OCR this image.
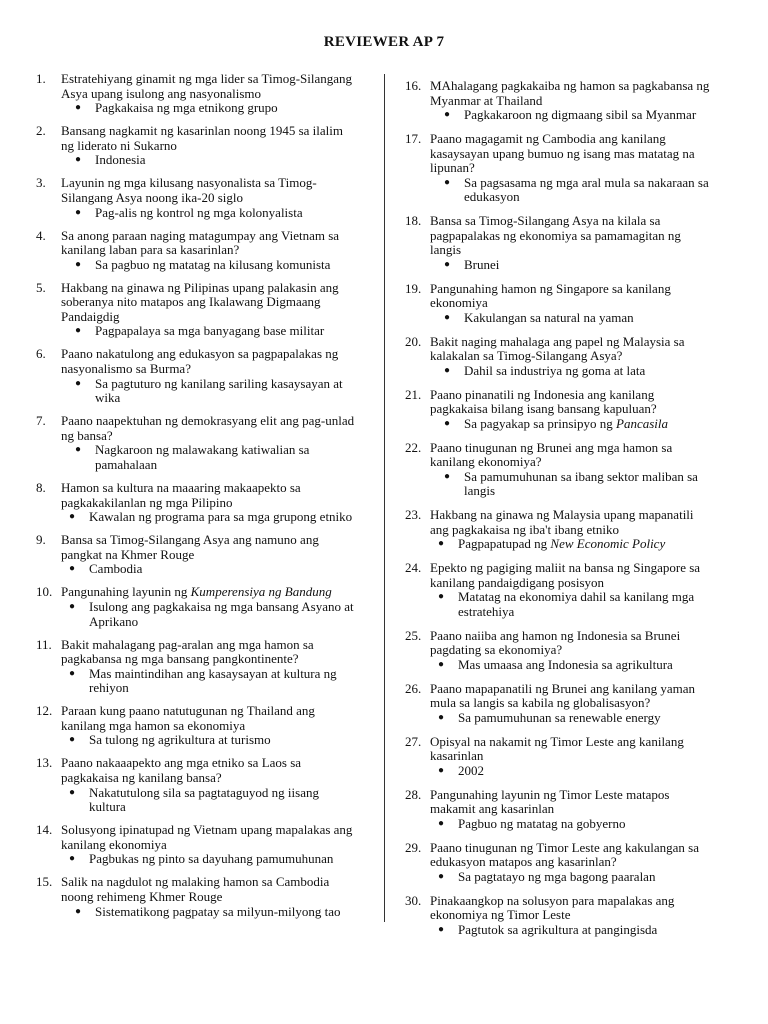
REVIEWER AP 7
1. Estratehiyang ginamit ng mga lider sa Timog-Silangang Asya upang isulong ang nasyonalismo
● Pagkakaisa ng mga etnikong grupo
2. Bansang nagkamit ng kasarinlan noong 1945 sa ilalim ng liderato ni Sukarno
● Indonesia
3. Layunin ng mga kilusang nasyonalista sa Timog-Silangang Asya noong ika-20 siglo
● Pag-alis ng kontrol ng mga kolonyalista
4. Sa anong paraan naging matagumpay ang Vietnam sa kanilang laban para sa kasarinlan?
● Sa pagbuo ng matatag na kilusang komunista
5. Hakbang na ginawa ng Pilipinas upang palakasin ang soberanya nito matapos ang Ikalawang Digmaang Pandaigdig
● Pagpapalaya sa mga banyagang base militar
6. Paano nakatulong ang edukasyon sa pagpapalakas ng nasyonalismo sa Burma?
● Sa pagtuturo ng kanilang sariling kasaysayan at wika
7. Paano naapektuhan ng demokrasyang elit ang pag-unlad ng bansa?
● Nagkaroon ng malawakang katiwalian sa pamahalaan
8. Hamon sa kultura na maaaring makaapekto sa pagkakakilanlan ng mga Pilipino
● Kawalan ng programa para sa mga grupong etniko
9. Bansa sa Timog-Silangang Asya ang namuno ang pangkat na Khmer Rouge
● Cambodia
10. Pangunahing layunin ng Kumperensiya ng Bandung
● Isulong ang pagkakaisa ng mga bansang Asyano at Aprikano
11. Bakit mahalagang pag-aralan ang mga hamon sa pagkabansa ng mga bansang pangkontinente?
● Mas maintindihan ang kasaysayan at kultura ng rehiyon
12. Paraan kung paano natutugunan ng Thailand ang kanilang mga hamon sa ekonomiya
● Sa tulong ng agrikultura at turismo
13. Paano nakaaapekto ang mga etniko sa Laos sa pagkakaisa ng kanilang bansa?
● Nakatutulong sila sa pagtataguyod ng iisang kultura
14. Solusyong ipinatupad ng Vietnam upang mapalakas ang kanilang ekonomiya
● Pagbukas ng pinto sa dayuhang pamumuhunan
15. Salik na nagdulot ng malaking hamon sa Cambodia noong rehimeng Khmer Rouge
● Sistematikong pagpatay sa milyun-milyong tao
16. MAhalagang pagkakaiba ng hamon sa pagkabansa ng Myanmar at Thailand
● Pagkakaroon ng digmaang sibil sa Myanmar
17. Paano magagamit ng Cambodia ang kanilang kasaysayan upang bumuo ng isang mas matatag na lipunan?
● Sa pagsasama ng mga aral mula sa nakaraan sa edukasyon
18. Bansa sa Timog-Silangang Asya na kilala sa pagpapalakas ng ekonomiya sa pamamagitan ng langis
● Brunei
19. Pangunahing hamon ng Singapore sa kanilang ekonomiya
● Kakulangan sa natural na yaman
20. Bakit naging mahalaga ang papel ng Malaysia sa kalakalan sa Timog-Silangang Asya?
● Dahil sa industriya ng goma at lata
21. Paano pinanatili ng Indonesia ang kanilang pagkakaisa bilang isang bansang kapuluan?
● Sa pagyakap sa prinsipyo ng Pancasila
22. Paano tinugunan ng Brunei ang mga hamon sa kanilang ekonomiya?
● Sa pamumuhunan sa ibang sektor maliban sa langis
23. Hakbang na ginawa ng Malaysia upang mapanatili ang pagkakaisa ng iba't ibang etniko
● Pagpapatupad ng New Economic Policy
24. Epekto ng pagiging maliit na bansa ng Singapore sa kanilang pandaigdigang posisyon
● Matatag na ekonomiya dahil sa kanilang mga estratehiya
25. Paano naiiba ang hamon ng Indonesia sa Brunei pagdating sa ekonomiya?
● Mas umaasa ang Indonesia sa agrikultura
26. Paano mapapanatili ng Brunei ang kanilang yaman mula sa langis sa kabila ng globalisasyon?
● Sa pamumuhunan sa renewable energy
27. Opisyal na nakamit ng Timor Leste ang kanilang kasarinlan
● 2002
28. Pangunahing layunin ng Timor Leste matapos makamit ang kasarinlan
● Pagbuo ng matatag na gobyerno
29. Paano tinugunan ng Timor Leste ang kakulangan sa edukasyon matapos ang kasarinlan?
● Sa pagtatayo ng mga bagong paaralan
30. Pinakaangkop na solusyon para mapalakas ang ekonomiya ng Timor Leste
● Pagtutok sa agrikultura at pangingisda
